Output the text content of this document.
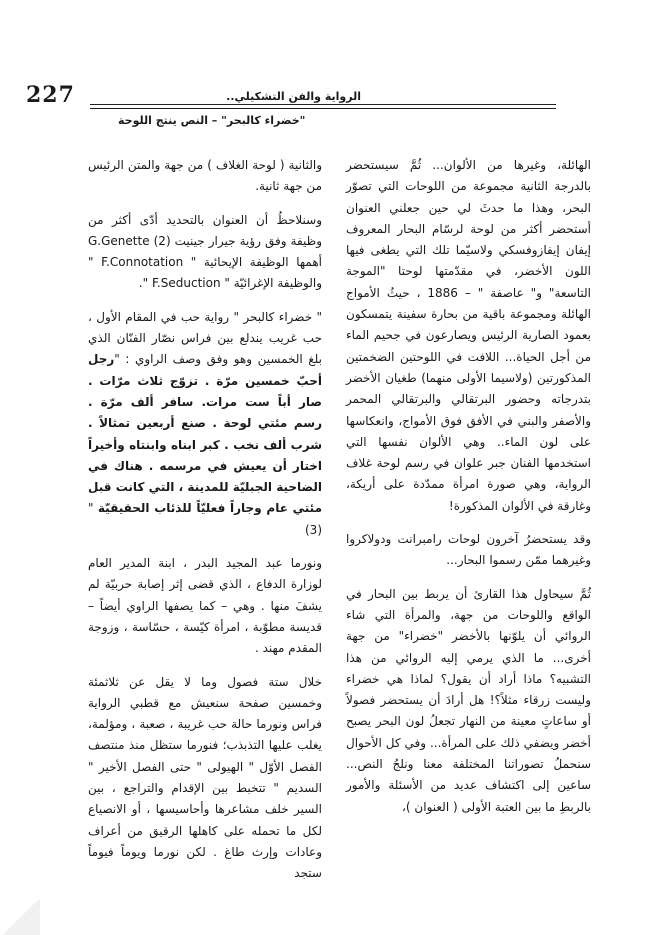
227	الرواية والفن التشكيلي..
"خضراء كالبحر" – النص ينتج اللوحة

الهائلة، وغيرها من الألوان... ثُمَّ سيستحضر بالدرجة الثانية مجموعة من اللوحات التي تصوّر البحر، وهذا ما حدثَ لي حين جعلني العنوان أستحضر أكثر من لوحة لرسّام البحار المعروف إيفان إيفازوفسكي ولاسيّما تلك التي يطغى فيها اللون الأخضر، في مقدّمتها لوحتا "الموجة التاسعة" و" عاصفة " – 1886 ، حيثُ الأمواج الهائلة ومجموعة باقية من بحارة سفينة يتمسكون بعمود الصارية الرئيس ويصارعون في جحيم الماء من أجل الحياة... اللافت في اللوحتين الضخمتين المذكورتين (ولاسيما الأولى منهما) طغيان الأخضر بتدرجاته وحضور البرتقالي والبرتقالي المحمر والأصفر والبني في الأفق فوق الأمواج، وانعكاسها على لون الماء.. وهي الألوان نفسها التي استخدمها الفنان جبر علوان في رسم لوحة غلاف الرواية، وهي صورة امرأة ممدّدة على أريكة، وغارقة في الألوان المذكورة!

وقد يستحضرُ آخرون لوحات رامبرانت ودولاكروا وغيرهما ممّن رسموا البحار...

ثُمَّ سيحاول هذا القارئ أن يربط بين البحار في الواقع واللوحات من جهة، والمرأة التي شاء الروائي أن يلوّنها بالأخضر "خضراء" من جهة أخرى... ما الذي يرمي إليه الروائي من هذا التشبيه؟ ماذا أراد أن يقول؟ لماذا هي خضراء وليست زرقاء مثلاً؟! هل أرادَ أن يستحضر فصولاً أو ساعاتٍ معينة من النهار تجعلُ لون البحر يصبح أخضر ويضفي ذلك على المرأة... وفي كل الأحوال سنحملُ تصوراتنا المختلفة معنا ونلجُ النص... ساعين إلى اكتشاف عديد من الأسئلة والأمور بالربطِ ما بين العتبة الأولى ( العنوان )،

والثانية ( لوحة الغلاف ) من جهة والمتن الرئيس من جهة ثانية.

وسنلاحظُ أن العنوان بالتحديد أدّى أكثر من وظيفة وفق رؤية جيرار جينيت (2) G.Genette أهمها الوظيفة الإيحائية " F.Connotation " والوظيفة الإغرائيّة " F.Seduction ".

" خضراء كالبحر " رواية حب في المقام الأول ، حب غريب يندلع بين فراس نصّار الفنّان الذي بلغ الخمسين وهو وفق وصف الراوي : "رجل أحبّ خمسين مرّة . تزوّج ثلاث مرّات . صار أباً ست مرات. سافر ألف مرّة . رسم مئتي لوحة . صنع أربعين تمثالاً . شرب ألف نخب . كبر ابناه وابنتاه وأخيراً اختار أن يعيش في مرسمه . هناك في الضاحية الجبليّة للمدينة ، التي كانت قبل مئتي عام وجاراً فعليّاً للذئاب الحقيقيّة "(3)

ونورما عبد المجيد البدر ، ابنة المدير العام لوزارة الدفاع ، الذي قضى إثر إصابة حربيّة لم يشفَ منها . وهي – كما يصفها الراوي أيضاً – قديسة مطوّبة ، امرأة كيّسة ، حسّاسة ، وزوجة المقدم مهند .

خلال ستة فصول وما لا يقل عن ثلاثمئة وخمسين صفحة سنعيش مع قطبي الرواية فراس ونورما حالة حب غريبة ، صعبة ، ومؤلمة، يغلب عليها التذبذب؛ فنورما ستظل منذ منتصف الفصل الأوّل " الهيولى " حتى الفصل الأخير " السديم " تتخبط بين الإقدام والتراجع ، بين السير خلف مشاعرها وأحاسيسها ، أو الانصياع لكل ما تحمله على كاهلها الرقيق من أعراف وعادات وإرث طاغ . لكن نورما ويوماً فيوماً ستجد
